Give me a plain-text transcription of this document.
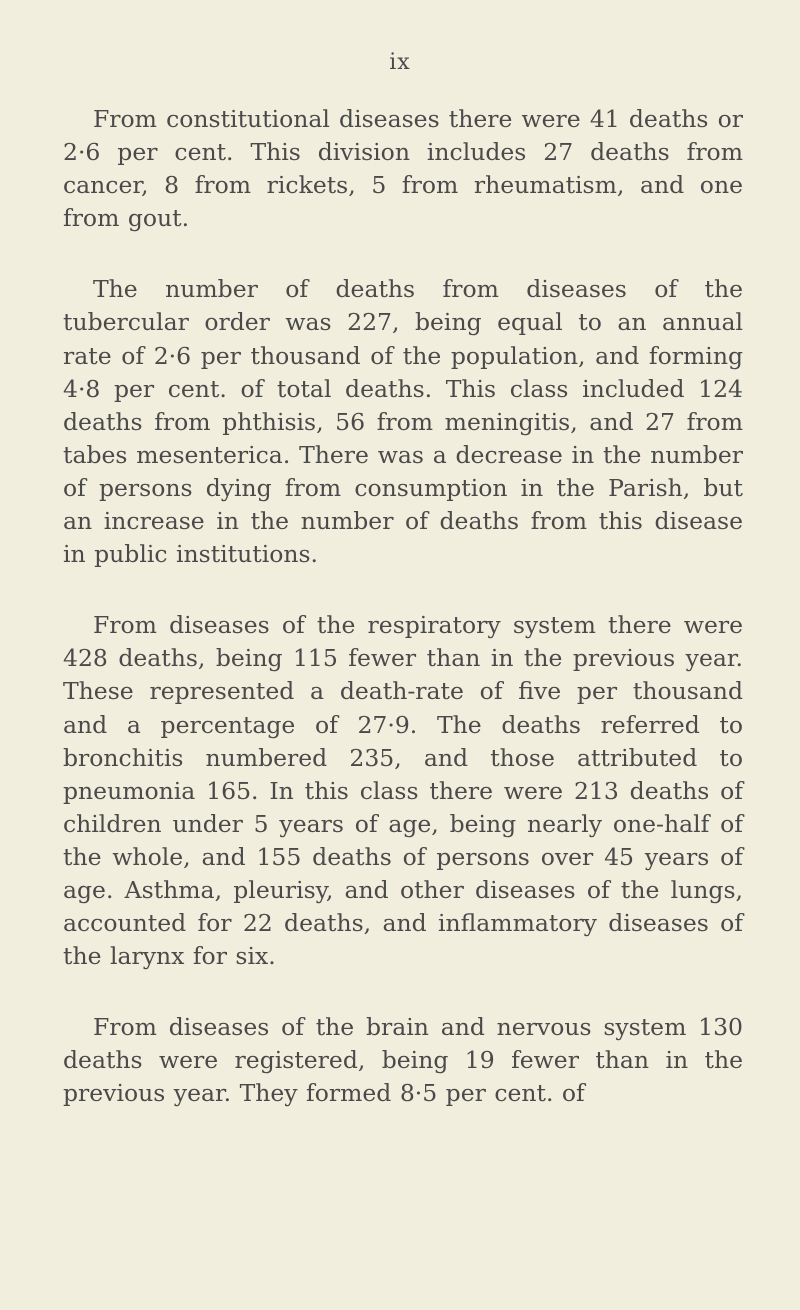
ix

From constitutional diseases there were 41 deaths or 2·6 per cent. This division includes 27 deaths from cancer, 8 from rickets, 5 from rheumatism, and one from gout.

The number of deaths from diseases of the tubercular order was 227, being equal to an annual rate of 2·6 per thousand of the population, and forming 4·8 per cent. of total deaths. This class included 124 deaths from phthisis, 56 from meningitis, and 27 from tabes mesenterica. There was a decrease in the number of persons dying from consumption in the Parish, but an increase in the number of deaths from this disease in public institutions.

From diseases of the respiratory system there were 428 deaths, being 115 fewer than in the previous year. These represented a death-rate of five per thousand and a percentage of 27·9. The deaths referred to bronchitis numbered 235, and those attributed to pneumonia 165. In this class there were 213 deaths of children under 5 years of age, being nearly one-half of the whole, and 155 deaths of persons over 45 years of age. Asthma, pleurisy, and other diseases of the lungs, accounted for 22 deaths, and inflammatory diseases of the larynx for six.

From diseases of the brain and nervous system 130 deaths were registered, being 19 fewer than in the previous year. They formed 8·5 per cent. of
